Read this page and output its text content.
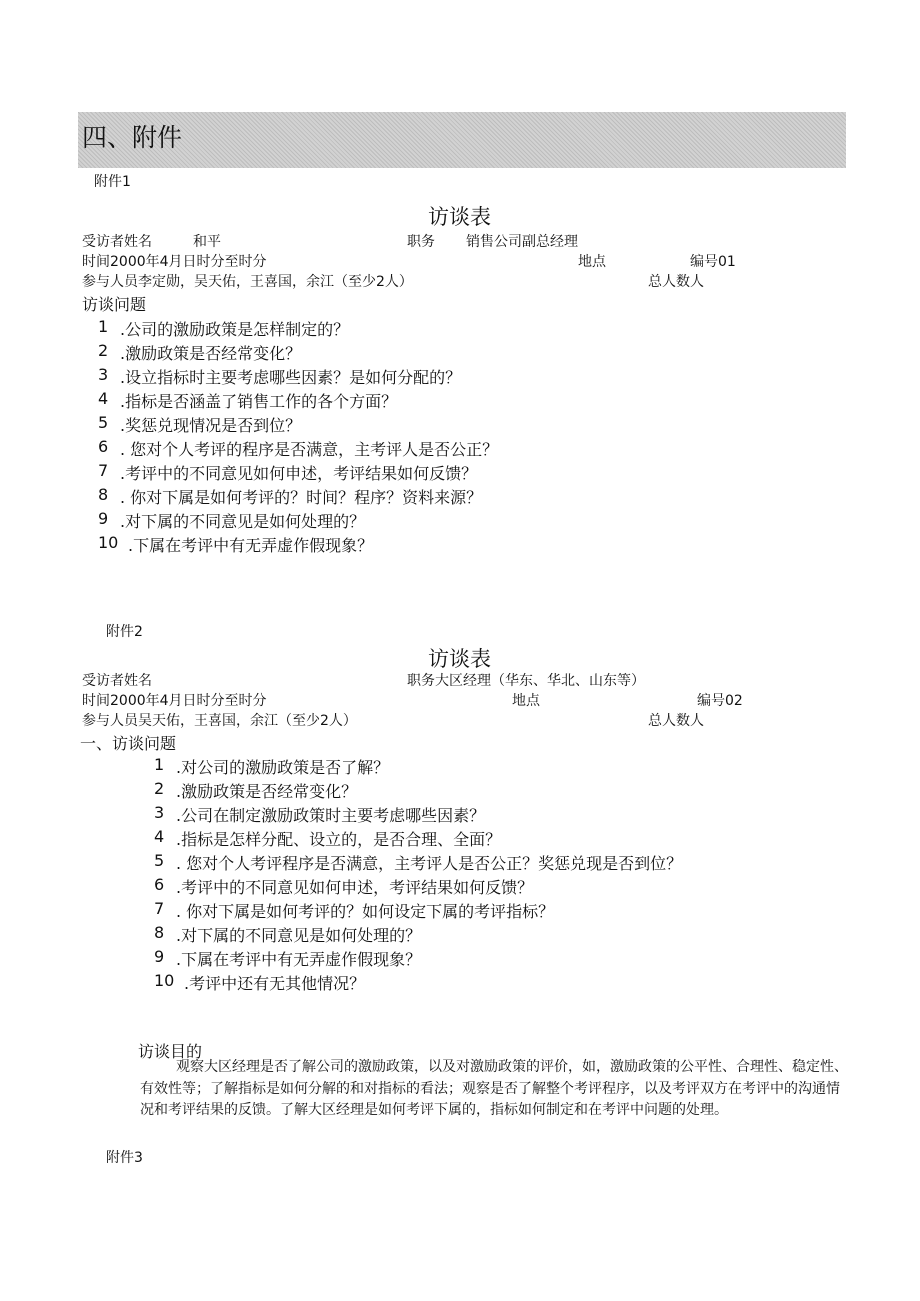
四、附件
附件1
访谈表
受访者姓名	和平	职务 销售公司副总经理
时间2000年4月日时分至时分	地点	编号01
参与人员李定勋，吴天佑，王喜国，余江（至少2人）	总人数人
访谈问题
1 .公司的激励政策是怎样制定的？
2 .激励政策是否经常变化？
3 .设立指标时主要考虑哪些因素？是如何分配的？
4 .指标是否涵盖了销售工作的各个方面？
5 .奖惩兑现情况是否到位？
6 . 您对个人考评的程序是否满意，主考评人是否公正？
7 .考评中的不同意见如何申述，考评结果如何反馈？
8 . 你对下属是如何考评的？时间？程序？资料来源？
9 .对下属的不同意见是如何处理的？
10 .下属在考评中有无弄虚作假现象？
附件2
访谈表
受访者姓名	职务大区经理（华东、华北、山东等）
时间2000年4月日时分至时分	地点	编号02
参与人员吴天佑，王喜国，余江（至少2人）	总人数人
一、访谈问题
1 .对公司的激励政策是否了解？
2 .激励政策是否经常变化？
3 .公司在制定激励政策时主要考虑哪些因素？
4 .指标是怎样分配、设立的，是否合理、全面？
5 . 您对个人考评程序是否满意，主考评人是否公正？奖惩兑现是否到位？
6 .考评中的不同意见如何申述，考评结果如何反馈？
7 . 你对下属是如何考评的？如何设定下属的考评指标？
8 .对下属的不同意见是如何处理的？
9 .下属在考评中有无弄虚作假现象？
10 .考评中还有无其他情况？
访谈目的
观察大区经理是否了解公司的激励政策，以及对激励政策的评价，如，激励政策的公平性、合理性、稳定性、有效性等；了解指标是如何分解的和对指标的看法；观察是否了解整个考评程序，以及考评双方在考评中的沟通情况和考评结果的反馈。了解大区经理是如何考评下属的，指标如何制定和在考评中问题的处理。
附件3
